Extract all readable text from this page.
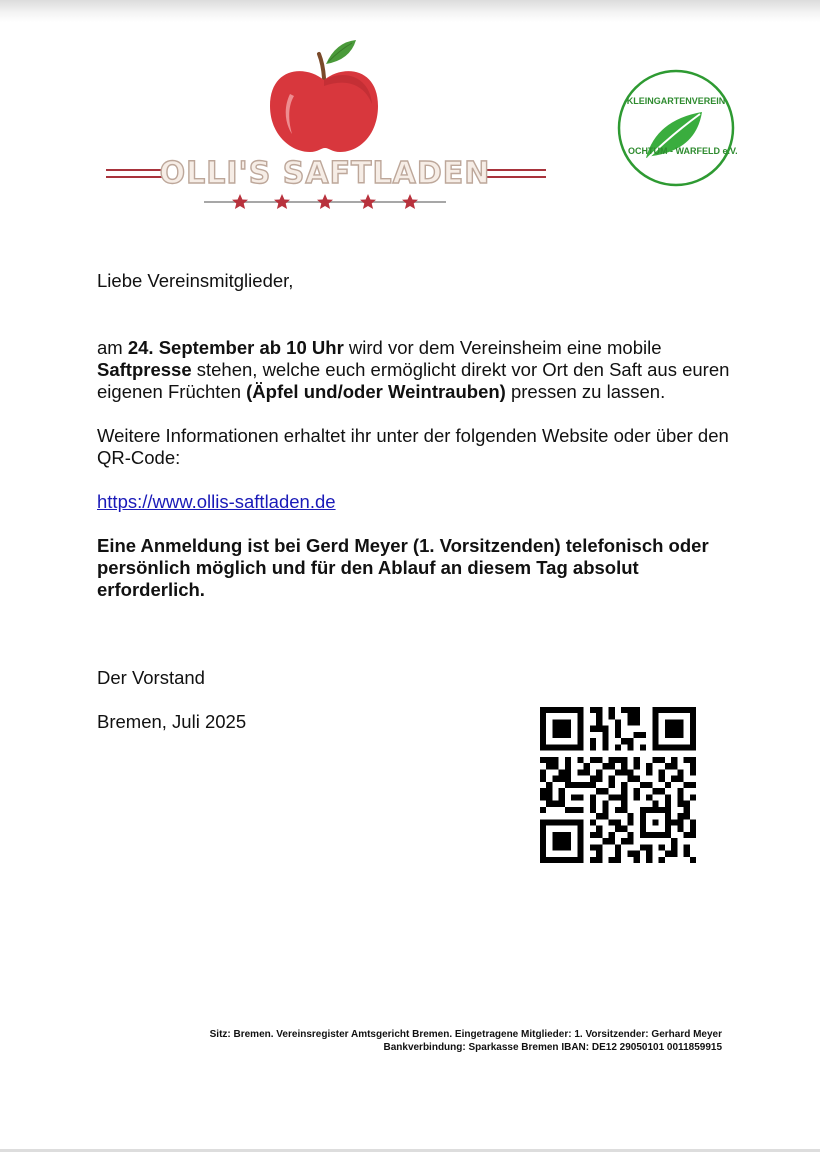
OLLI'S SAFTLADEN
KLEINGARTENVEREIN
OCHTUM - WARFELD e.V.

Liebe Vereinsmitglieder,

am 24. September ab 10 Uhr wird vor dem Vereinsheim eine mobile
Saftpresse stehen, welche euch ermöglicht direkt vor Ort den Saft aus euren eigenen Früchten (Äpfel und/oder Weintrauben) pressen zu lassen.

Weitere Informationen erhaltet ihr unter der folgenden Website oder über den QR-Code:

https://www.ollis-saftladen.de

Eine Anmeldung ist bei Gerd Meyer (1. Vorsitzenden) telefonisch oder persönlich möglich und für den Ablauf an diesem Tag absolut erforderlich.

Der Vorstand

Bremen, Juli 2025

Sitz: Bremen. Vereinsregister Amtsgericht Bremen. Eingetragene Mitglieder: 1. Vorsitzender: Gerhard Meyer
Bankverbindung: Sparkasse Bremen IBAN: DE12 29050101 0011859915
